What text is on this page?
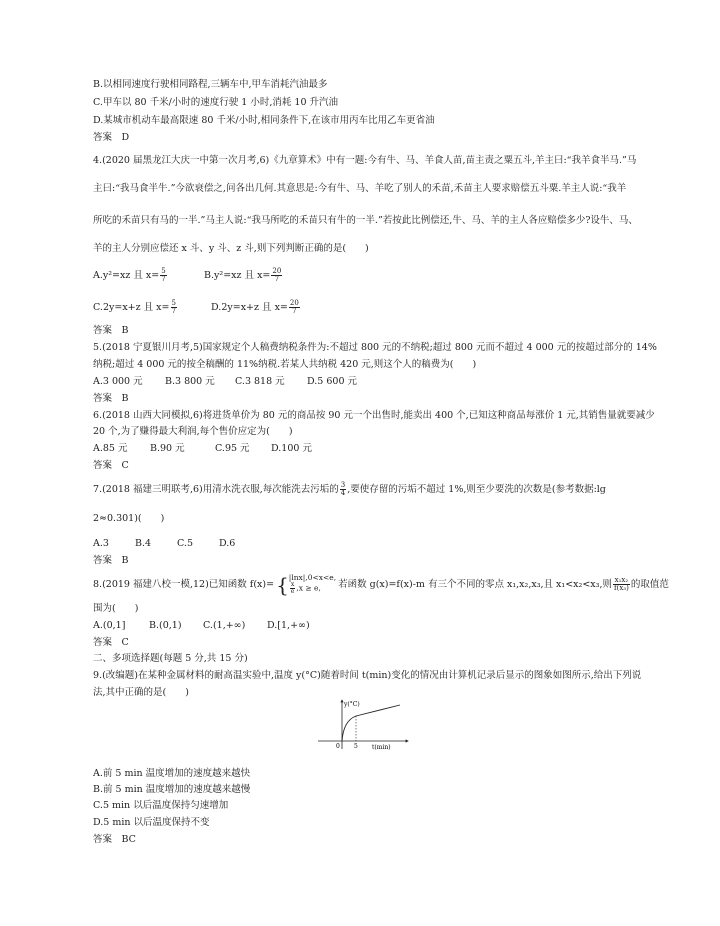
B.以相同速度行驶相同路程,三辆车中,甲车消耗汽油最多
C.甲车以 80 千米/小时的速度行驶 1 小时,消耗 10 升汽油
D.某城市机动车最高限速 80 千米/小时,相同条件下,在该市用丙车比用乙车更省油
答案　D
4.(2020 届黑龙江大庆一中第一次月考,6)《九章算术》中有一题:今有牛、马、羊食人苗,苗主责之粟五斗,羊主曰:“我羊食半马.”马
主曰:“我马食半牛.”今欲衰偿之,问各出几何.其意思是:今有牛、马、羊吃了别人的禾苗,禾苗主人要求赔偿五斗粟.羊主人说:“我羊
所吃的禾苗只有马的一半.”马主人说:“我马所吃的禾苗只有牛的一半.”若按此比例偿还,牛、马、羊的主人各应赔偿多少?设牛、马、
羊的主人分别应偿还 x 斗、y 斗、z 斗,则下列判断正确的是(　　)
A.y²=xz 且 $x= \frac{5}{7}$	B.y²=xz 且 $x= \frac{20}{7}$
C.2y=x+z 且 $x= \frac{5}{7}$	D.2y=x+z 且 $x= \frac{20}{7}$
答案　B
5.(2018 宁夏银川月考,5)国家规定个人稿费纳税条件为:不超过 800 元的不纳税;超过 800 元而不超过 4 000 元的按超过部分的 14%
纳税;超过 4 000 元的按全稿酬的 11%纳税.若某人共纳税 420 元,则这个人的稿费为(　　)
A.3 000 元 B.3 800 元 C.3 818 元 D.5 600 元
答案　B
6.(2018 山西大同模拟,6)将进货单价为 80 元的商品按 90 元一个出售时,能卖出 400 个,已知这种商品每涨价 1 元,其销售量就要减少
20 个,为了赚得最大利润,每个售价应定为(　　)
A.85 元 B.90 元	C.95 元 D.100 元
答案　C
7.(2018 福建三明联考,6)用清水洗衣服,每次能洗去污垢的 $\frac{3}{4}$ ,要使存留的污垢不超过 1%,则至少要洗的次数是(参考数据:lg
2≈0.301)(　　)
A.3	B.4	C.5	D.6
答案　B
8.(2019 福建八校一模,12)已知函数 f(x)= { |lnx|,0<x<e,
$\frac{x}{e} ,x \ge e$,	若函数 g(x)=f(x)-m 有三个不同的零点 x₁,x₂,x₃,且 x₁<x₂<x₃,则 $\frac{\text{x₁x₂}}{\text{f(x₃)}}$ 的取值范
围为(　　)
A.(0,1] B.(0,1) C.(1,+∞) D.[1,+∞)
答案　C
二、多项选择题(每题 5 分,共 15 分)
9.(改编题)在某种金属材料的耐高温实验中,温度 y(°C)随着时间 t(min)变化的情况由计算机记录后显示的图象如图所示,给出下列说
法,其中正确的是(　　)
y(°C)
t(min)
0 5
A.前 5 min 温度增加的速度越来越快
B.前 5 min 温度增加的速度越来越慢
C.5 min 以后温度保持匀速增加
D.5 min 以后温度保持不变
答案　BC
